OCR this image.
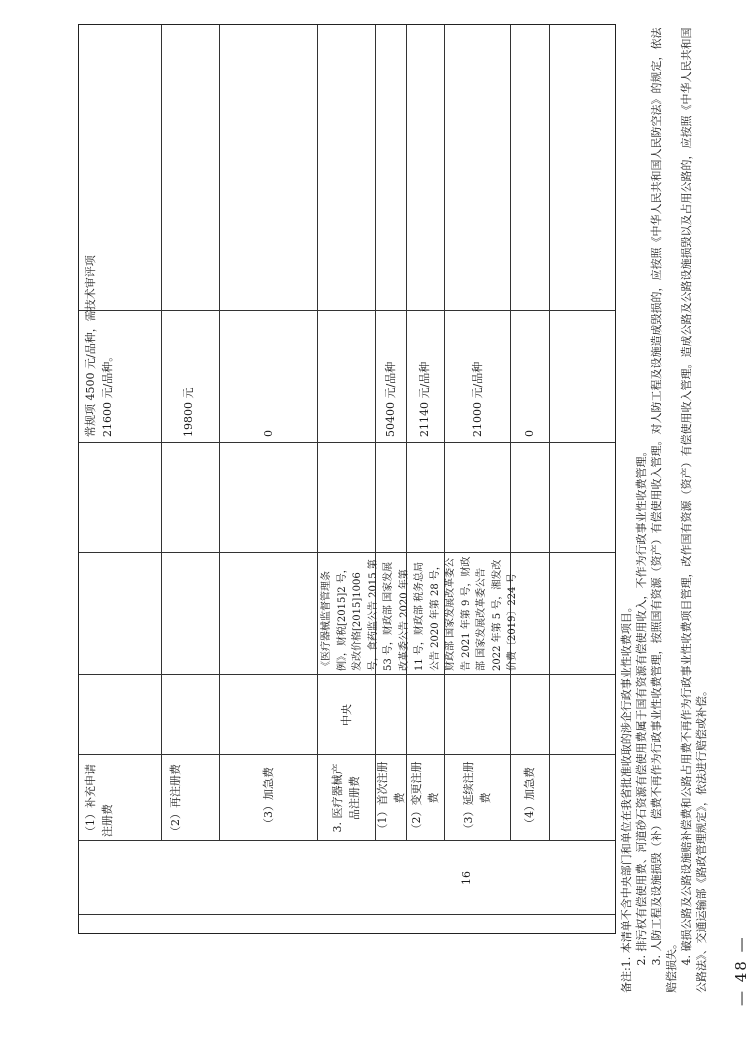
（1）补充申请注册费
常规项 4500 元/品种，需技术审评项 21600 元/品种。
（2）再注册费
19800 元
（3）加急费
0
16
3. 医疗器械产品注册费
中央
《医疗器械监督管理条例》，财税[2015]2 号，发改价格[2015]1006 号，食药监公告 2015 第 53 号，财政部 国家发展改革委公告 2020 年第 11 号，财政部 税务总局公告 2020 年第 28 号，财政部 国家发展改革委公告 2021 年第 9 号，财政部 国家发展改革委公告 2022 年第 5 号，湘发改价费〔2019〕224 号
（1）首次注册费
50400 元/品种
（2）变更注册费
21140 元/品种
（3）延续注册费
21000 元/品种
（4）加急费
0

备注:1. 本清单不含中央部门和单位在我省批准收取的涉企行政事业性收费项目。 2. 排污权有偿使用费、河道砂石资源有偿使用费属于国有资源有偿使用收入，不作为行政事业性收费管理。 3. 人防工程及设施损毁（补）偿费不再作为行政事业性收费管理，按照国有资源（资产）有偿使用收入管理。对人防工程及设施造成毁损的，应按照《中华人民共和国人民防空法》的规定，依法赔偿损失。 4. 破损公路及公路设施赔补偿费和公路占用费不再作为行政事业性收费项目管理，改作国有资源（资产）有偿使用收入管理。造成公路及公路设施损毁以及占用公路的，应按照《中华人民共和国公路法》、交通运输部《路政管理规定》，依法进行赔偿或补偿。 — 48 —
